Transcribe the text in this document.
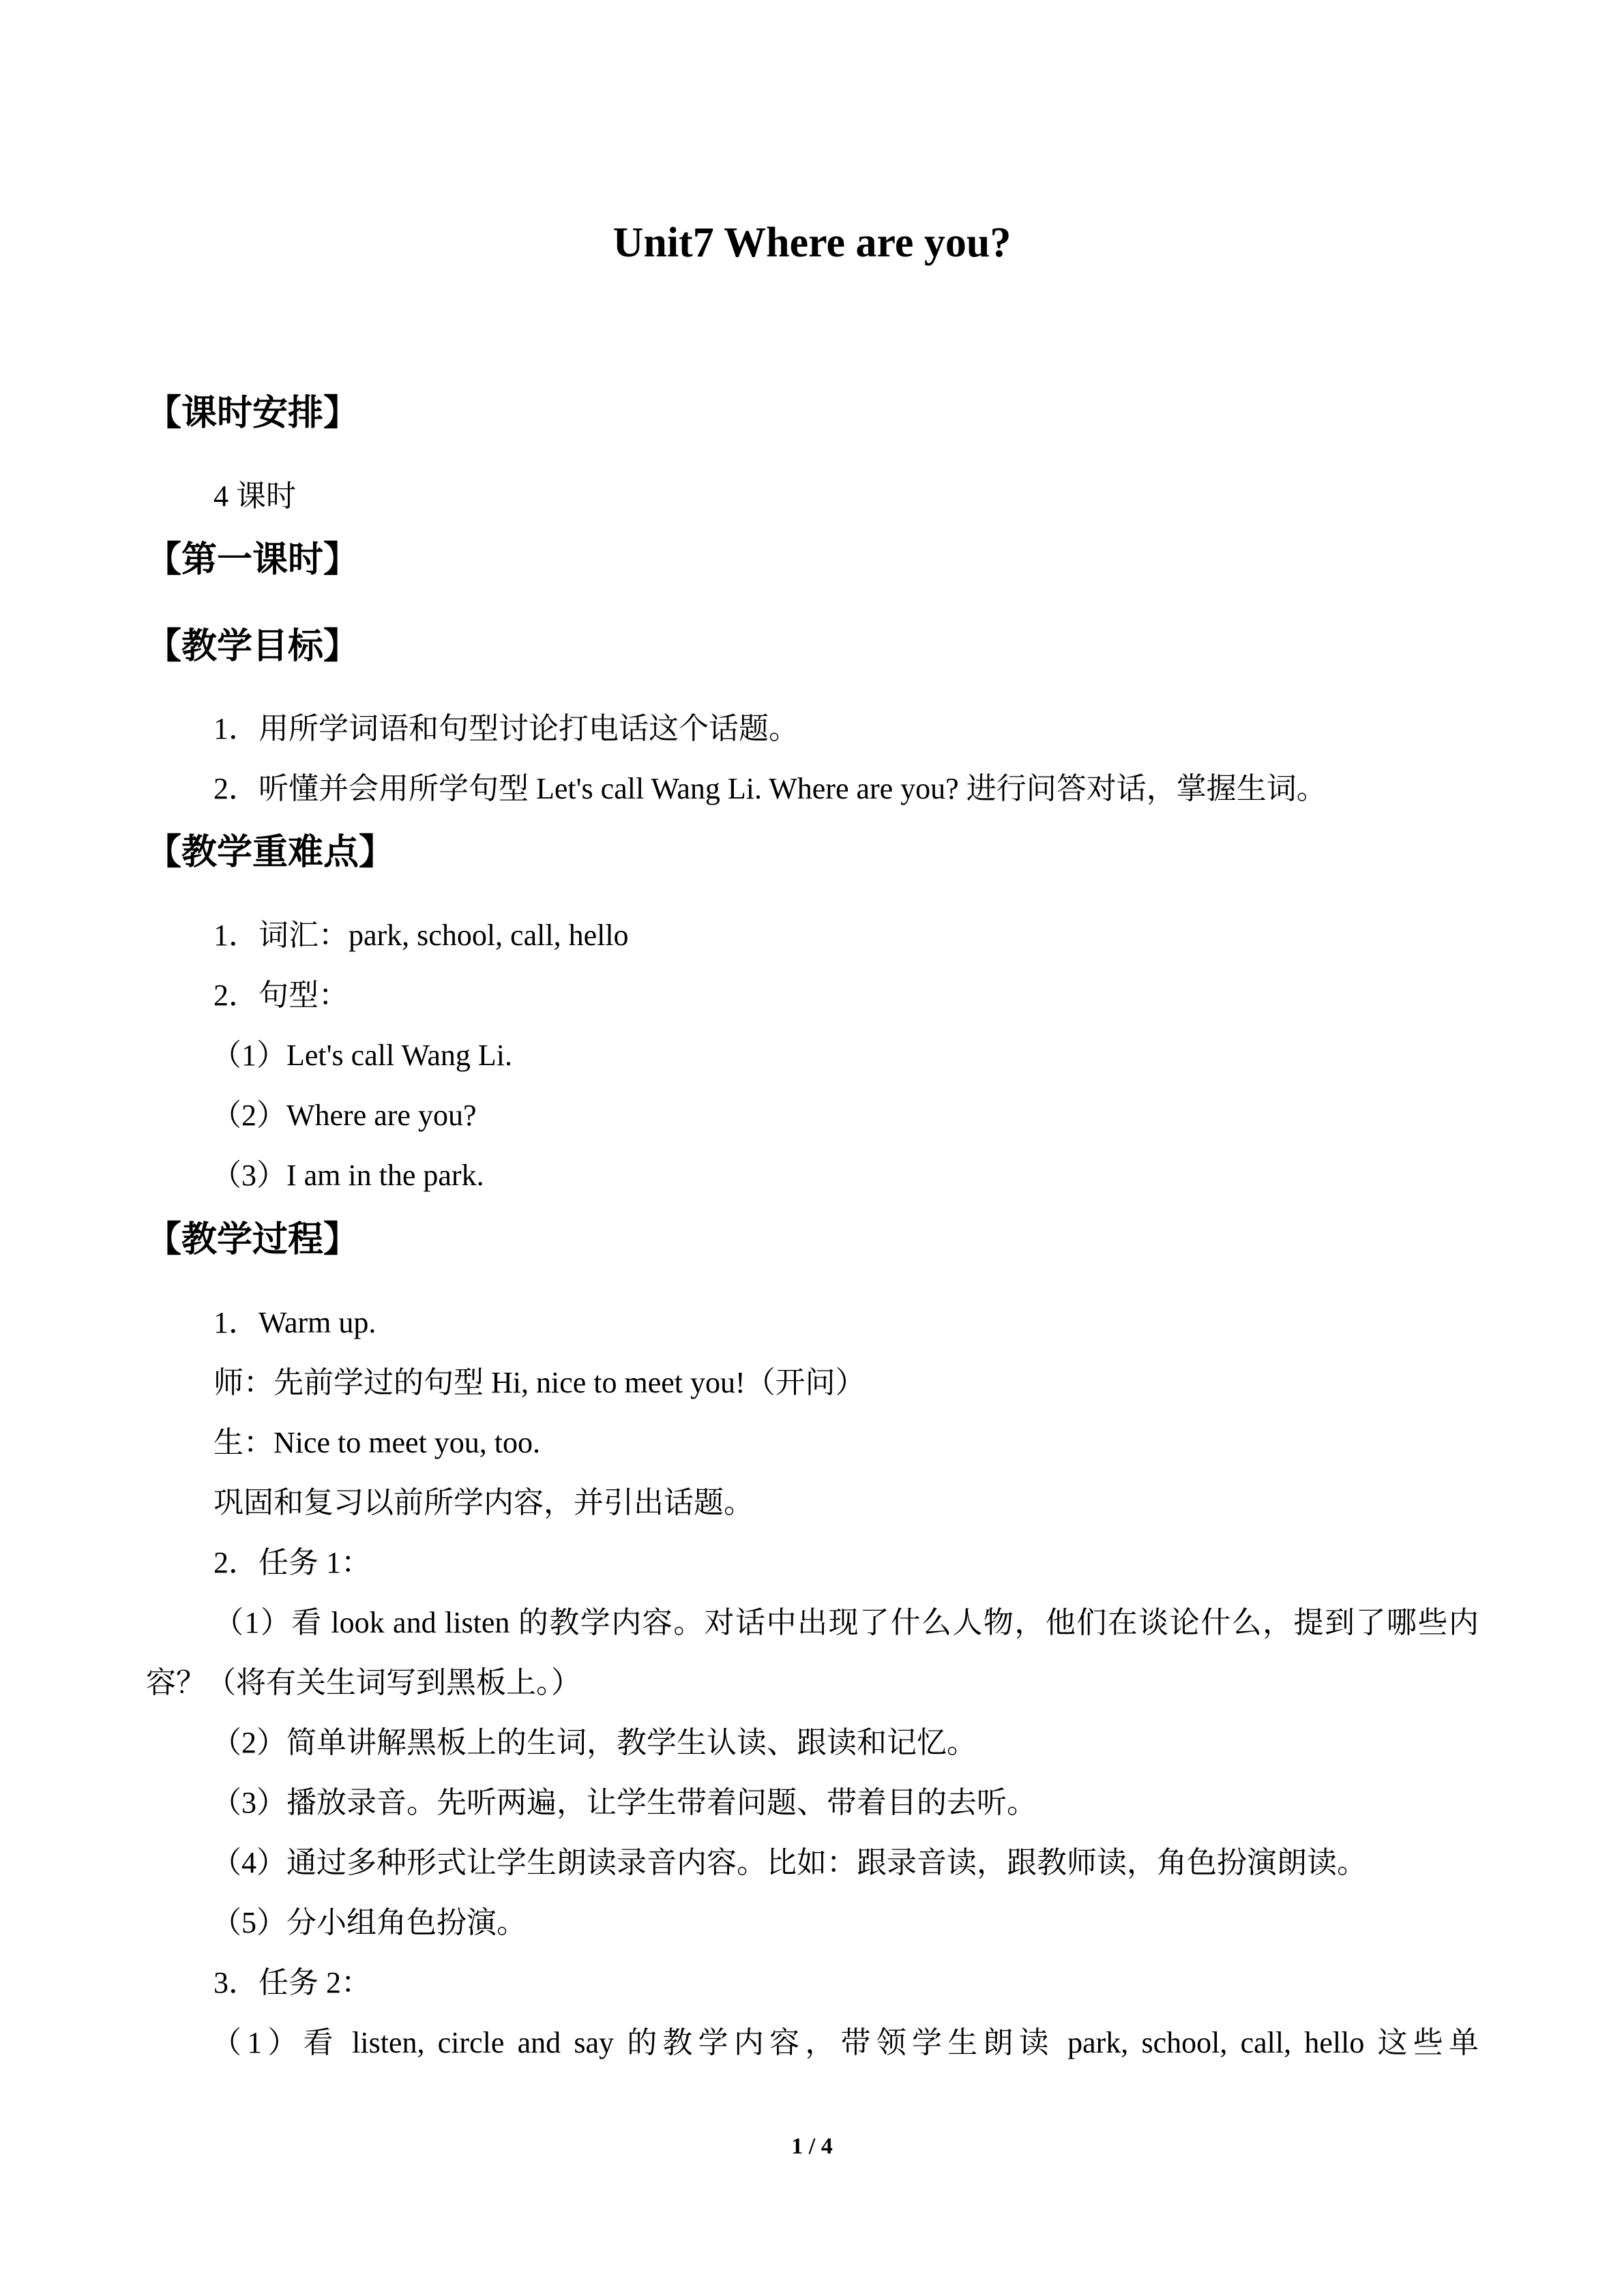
Unit7 Where are you?
【课时安排】
4 课时
【第一课时】
【教学目标】
1．用所学词语和句型讨论打电话这个话题。
2．听懂并会用所学句型 Let's call Wang Li. Where are you? 进行问答对话，掌握生词。
【教学重难点】
1．词汇：park, school, call, hello
2．句型：
（1）Let's call Wang Li.
（2）Where are you?
（3）I am in the park.
【教学过程】
1．Warm up.
师：先前学过的句型 Hi, nice to meet you!（开问）
生：Nice to meet you, too.
巩固和复习以前所学内容，并引出话题。
2．任务 1：
（1）看 look and listen 的教学内容。对话中出现了什么人物，他们在谈论什么，提到了哪些内容？（将有关生词写到黑板上。）
（2）简单讲解黑板上的生词，教学生认读、跟读和记忆。
（3）播放录音。先听两遍，让学生带着问题、带着目的去听。
（4）通过多种形式让学生朗读录音内容。比如：跟录音读，跟教师读，角色扮演朗读。
（5）分小组角色扮演。
3．任务 2：
（1）看 listen, circle and say 的教学内容，带领学生朗读 park, school, call, hello 这些单
1 / 4
